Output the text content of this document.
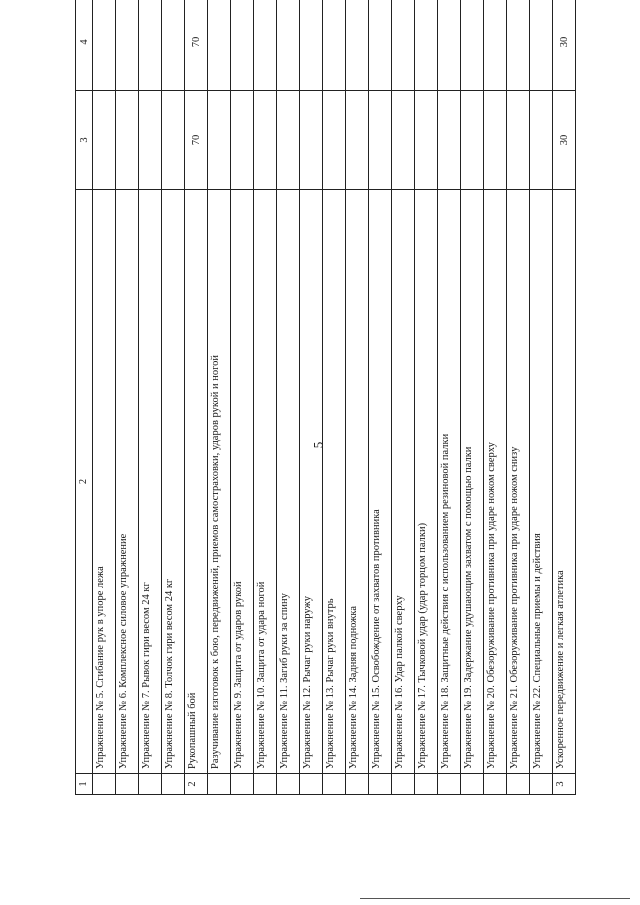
5
1	2	3	4
	Упражнение № 5. Сгибание рук в упоре лежа		
	Упражнение № 6. Комплексное силовое упражнение		
	Упражнение № 7. Рывок гири весом 24 кг		
	Упражнение № 8. Толчок гири весом 24 кг		
2	Рукопашный бой	70	70
	Разучивание изготовок к бою, передвижений, приемов самостраховки, ударов рукой и ногой		
	Упражнение № 9. Защита от ударов рукой		
	Упражнение № 10. Защита от удара ногой		
	Упражнение № 11. Загиб руки за спину		
	Упражнение № 12. Рычаг руки наружу		
	Упражнение № 13. Рычаг руки внутрь		
	Упражнение № 14. Задняя подножка		
	Упражнение № 15. Освобождение от захватов противника		
	Упражнение № 16. Удар палкой сверху		
	Упражнение № 17. Тычковой удар (удар торцом палки)		
	Упражнение № 18. Защитные действия с использованием резиновой палки		
	Упражнение № 19. Задержание удушающим захватом с помощью палки		
	Упражнение № 20. Обезоруживание противника при ударе ножом сверху		
	Упражнение № 21. Обезоруживание противника при ударе ножом снизу		
	Упражнение № 22. Специальные приемы и действия		
3	Ускоренное передвижение и легкая атлетика	30	30
